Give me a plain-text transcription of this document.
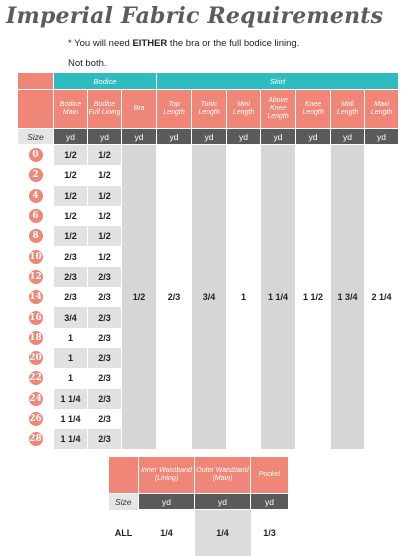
Imperial Fabric Requirements
* You will need EITHER the bra or the full bodice lining.
Not both.
	Bodice			Skirt						
	Bodice Main	Bodice Full Lining	Bra	Top Length	Tunic Length	Mini Length	Above Knee Length	Knee Length	Midi Length	Maxi Length
Size	yd	yd	yd	yd	yd	yd	yd	yd	yd	yd
0	1/2	1/2	1/2	2/3	3/4	1	1 1/4	1 1/2	1 3/4	2 1/4
2	1/2	1/2								
4	1/2	1/2								
6	1/2	1/2								
8	1/2	1/2								
10	2/3	1/2								
12	2/3	2/3								
14	2/3	2/3								
16	3/4	2/3								
18	1	2/3								
20	1	2/3								
22	1	2/3								
24	1 1/4	2/3								
26	1 1/4	2/3								
28	1 1/4	2/3								
	Inner Waistband (Lining)	Outer Waistband (Main)	Pocket
Size	yd	yd	yd
ALL	1/4	1/4	1/3
